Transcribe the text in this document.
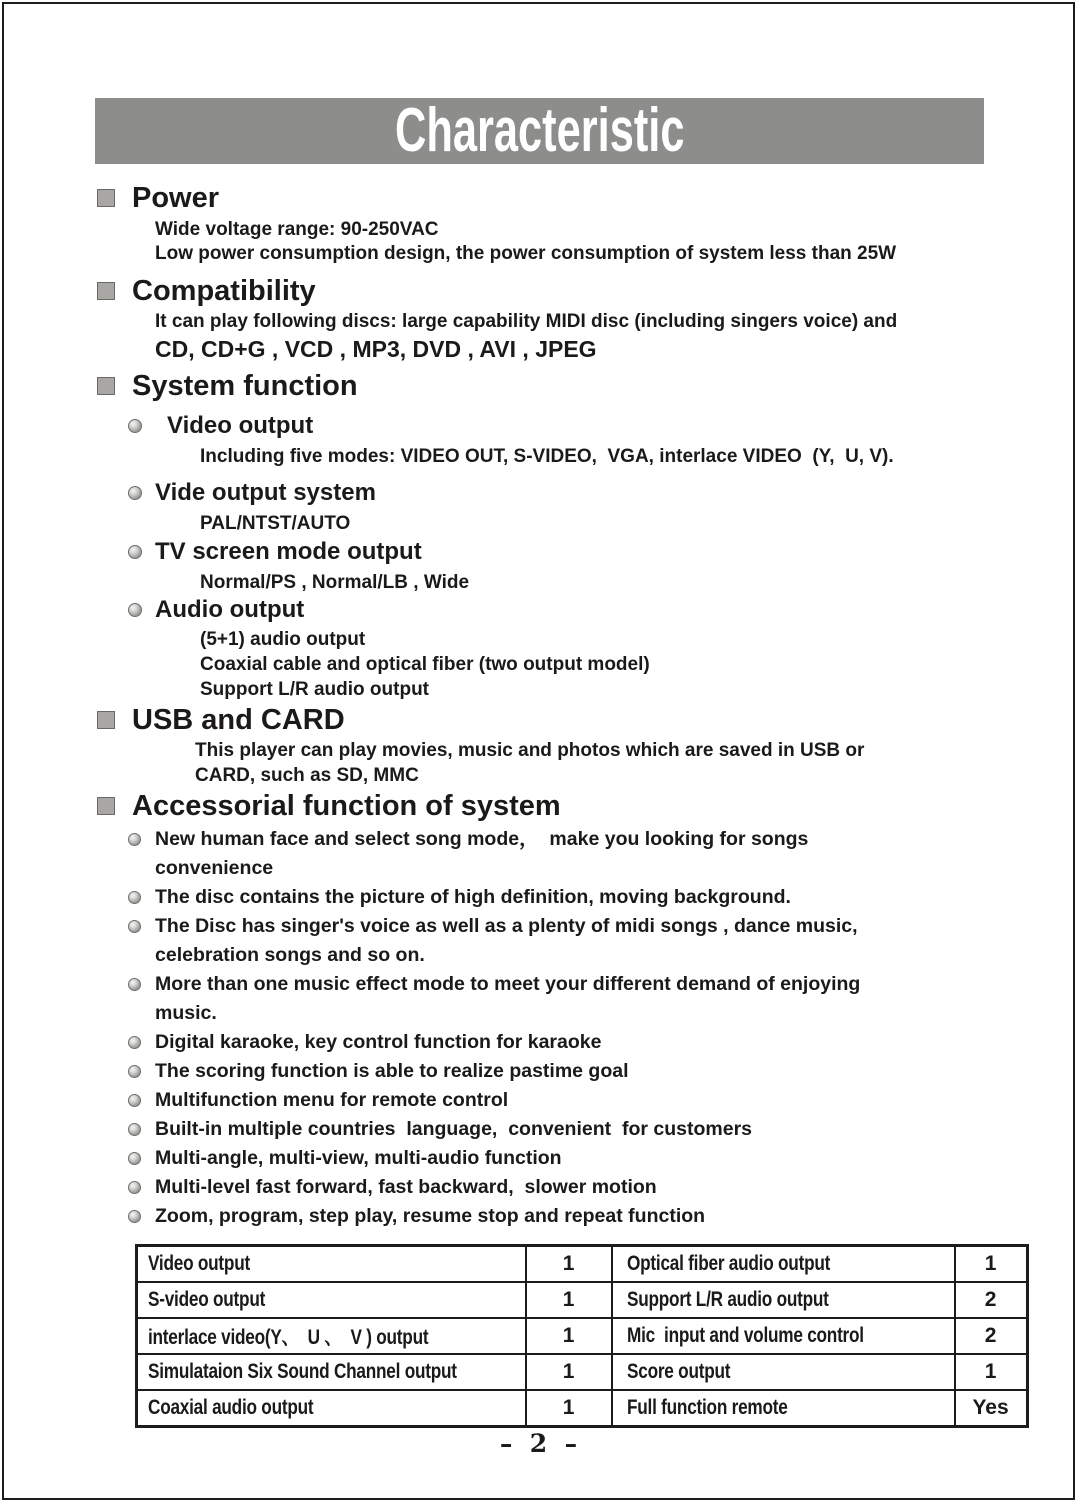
Characteristic
Power
Wide voltage range: 90-250VAC
Low power consumption design, the power consumption of system less than 25W
Compatibility
It can play following discs: large capability MIDI disc (including singers voice) and
CD, CD+G , VCD , MP3, DVD , AVI , JPEG
System function
Video output
Including five modes: VIDEO OUT, S-VIDEO,  VGA, interlace VIDEO  (Y,  U, V).
Vide output system
PAL/NTST/AUTO
TV screen mode output
Normal/PS , Normal/LB , Wide
Audio output
(5+1) audio output
Coaxial cable and optical fiber (two output model)
Support L/R audio output
USB and CARD
This player can play movies, music and photos which are saved in USB or
CARD, such as SD, MMC
Accessorial function of system
New human face and select song mode，  make you looking for songs
convenience
The disc contains the picture of high definition, moving background.
The Disc has singer's voice as well as a plenty of midi songs , dance music,
celebration songs and so on.
More than one music effect mode to meet your different demand of enjoying
music.
Digital karaoke, key control function for karaoke
The scoring function is able to realize pastime goal
Multifunction menu for remote control
Built-in multiple countries  language,  convenient  for customers
Multi-angle, multi-view, multi-audio function
Multi-level fast forward, fast backward,  slower motion
Zoom, program, step play, resume stop and repeat function
Video output	1	Optical fiber audio output	1
S-video output	1	Support L/R audio output	2
interlace video(Y、  U 、  V ) output	1	Mic  input and volume control	2
Simulataion Six Sound Channel output	1	Score output	1
Coaxial audio output	1	Full function remote	Yes
–  2  –
